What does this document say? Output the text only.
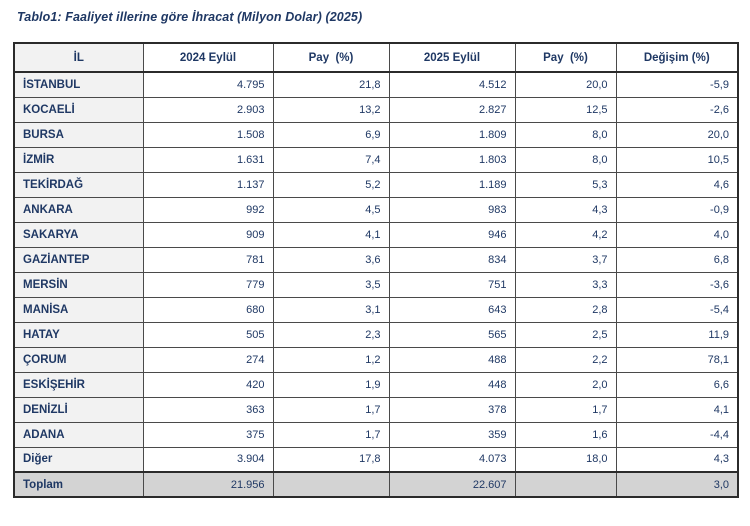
Tablo1: Faaliyet illerine göre İhracat (Milyon Dolar) (2025)
İL	2024 Eylül	Pay  (%)	2025 Eylül	Pay  (%)	Değişim (%)
İSTANBUL	4.795	21,8	4.512	20,0	-5,9
KOCAELİ	2.903	13,2	2.827	12,5	-2,6
BURSA	1.508	6,9	1.809	8,0	20,0
İZMİR	1.631	7,4	1.803	8,0	10,5
TEKİRDAĞ	1.137	5,2	1.189	5,3	4,6
ANKARA	992	4,5	983	4,3	-0,9
SAKARYA	909	4,1	946	4,2	4,0
GAZİANTEP	781	3,6	834	3,7	6,8
MERSİN	779	3,5	751	3,3	-3,6
MANİSA	680	3,1	643	2,8	-5,4
HATAY	505	2,3	565	2,5	11,9
ÇORUM	274	1,2	488	2,2	78,1
ESKİŞEHİR	420	1,9	448	2,0	6,6
DENİZLİ	363	1,7	378	1,7	4,1
ADANA	375	1,7	359	1,6	-4,4
Diğer	3.904	17,8	4.073	18,0	4,3
Toplam	21.956		22.607		3,0
